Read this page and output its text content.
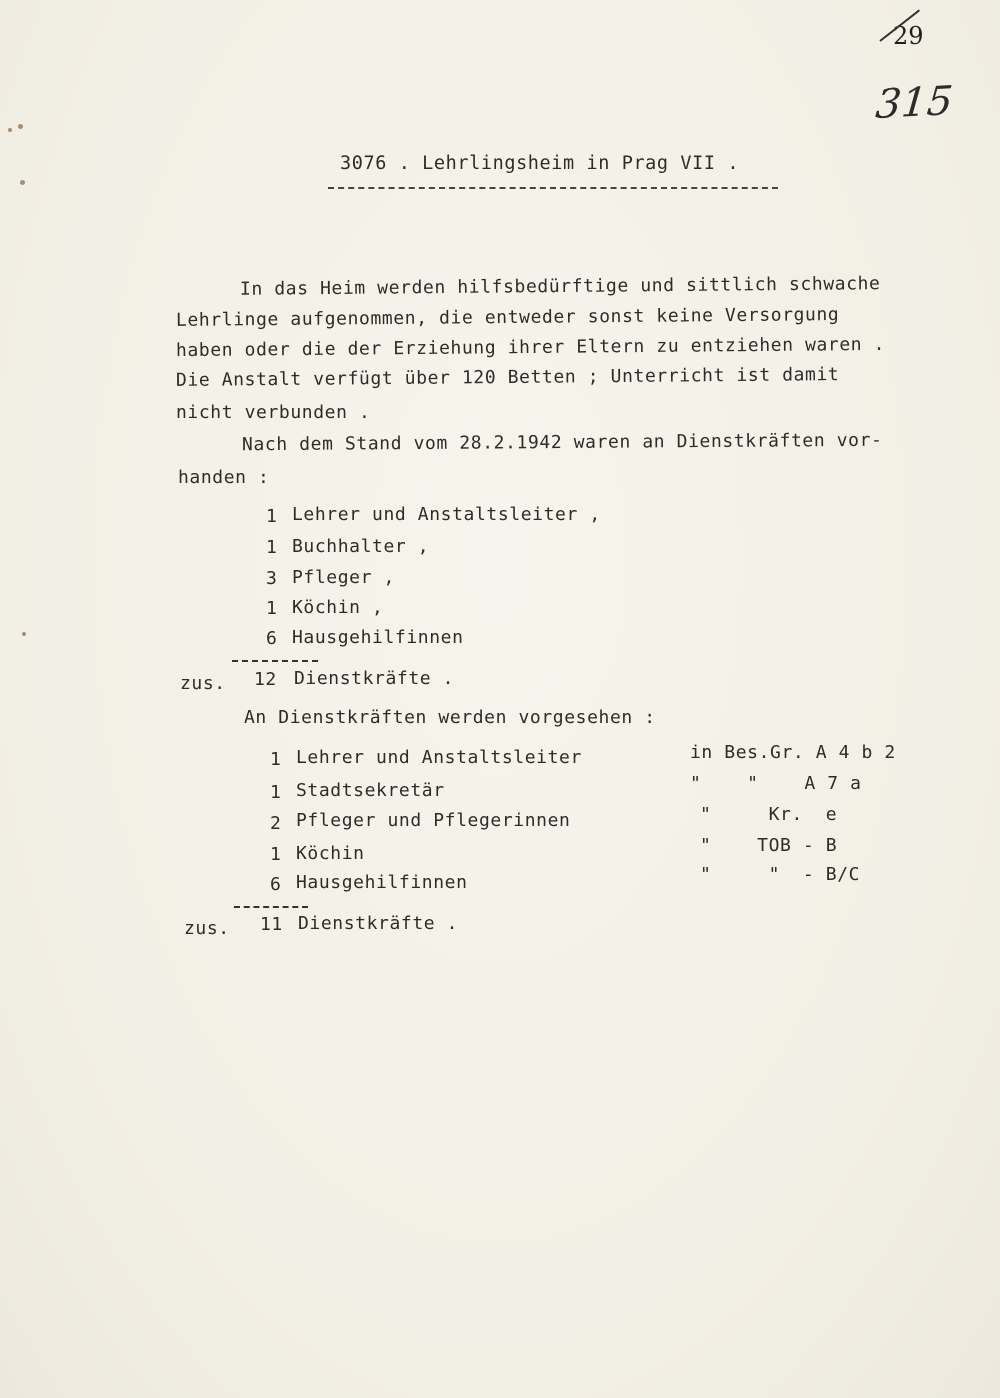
29
315
3076 . Lehrlingsheim in Prag VII .
In das Heim werden hilfsbedürftige und sittlich schwache
Lehrlinge aufgenommen, die entweder sonst keine Versorgung
haben oder die der Erziehung ihrer Eltern zu entziehen waren .
Die Anstalt verfügt über 120 Betten ; Unterricht ist damit
nicht verbunden .
Nach dem Stand vom 28.2.1942 waren an Dienstkräften vor-
handen :
1 Lehrer und Anstaltsleiter ,
1 Buchhalter ,
3 Pfleger ,
1 Köchin ,
6 Hausgehilfinnen
zus. 12 Dienstkräfte .
An Dienstkräften werden vorgesehen :
1 Lehrer und Anstaltsleiter	in Bes.Gr. A 4 b 2
1 Stadtsekretär	"    "    A 7 a
2 Pfleger und Pflegerinnen	"     Kr.  e
1 Köchin	"    TOB - B
6 Hausgehilfinnen	"     "  - B/C
zus. 11 Dienstkräfte .
